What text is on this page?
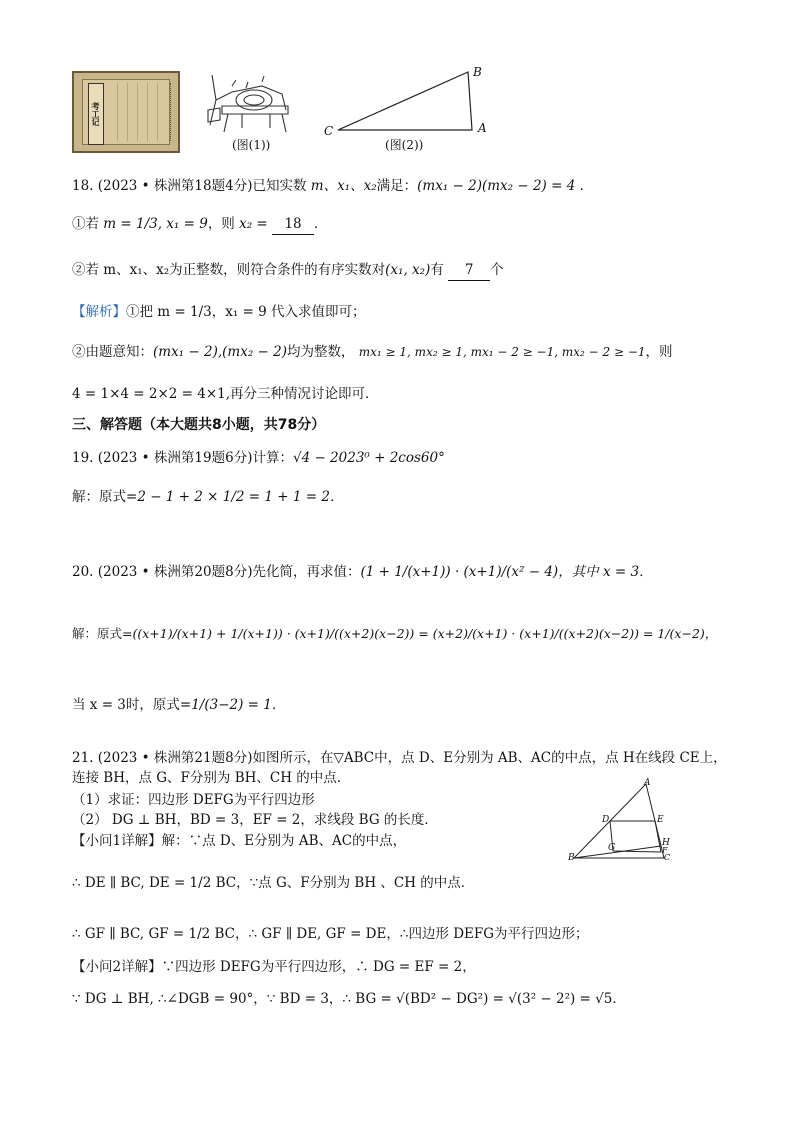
考工记
(图(1))
B
A
C
(图(2))
18. (2023 • 株洲第18题4分)已知实数 m、x₁、x₂满足：(mx₁ − 2)(mx₂ − 2) = 4 ．
①若 m = 1/3, x₁ = 9，则 x₂ = 18 ．
②若 m、x₁、x₂为正整数，则符合条件的有序实数对(x₁, x₂)有 7 个
【解析】①把 m = 1/3，x₁ = 9 代入求值即可；
②由题意知：(mx₁ − 2),(mx₂ − 2)均为整数， mx₁ ≥ 1, mx₂ ≥ 1, mx₁ − 2 ≥ −1, mx₂ − 2 ≥ −1，则
4 = 1×4 = 2×2 = 4×1,再分三种情况讨论即可．
三、解答题（本大题共8小题，共78分）
19. (2023 • 株洲第19题6分)计算：√4 − 2023⁰ + 2cos60°
解：原式=2 − 1 + 2 × 1/2 = 1 + 1 = 2．
20. (2023 • 株洲第20题8分)先化简，再求值：(1 + 1/(x+1)) · (x+1)/(x² − 4)，其中 x = 3．
解：原式=((x+1)/(x+1) + 1/(x+1)) · (x+1)/((x+2)(x−2)) = (x+2)/(x+1) · (x+1)/((x+2)(x−2)) = 1/(x−2)，
当 x = 3时，原式=1/(3−2) = 1．
21. (2023 • 株洲第21题8分)如图所示，在▽ABC中，点 D、E分别为 AB、AC的中点，点 H在线段 CE上，
连接 BH，点 G、F分别为 BH、CH 的中点．
（1）求证：四边形 DEFG为平行四边形
（2） DG ⊥ BH，BD = 3，EF = 2，求线段 BG 的长度．
【小问1详解】解：∵点 D、E分别为 AB、AC的中点，
∴ DE ∥ BC, DE = 1/2 BC，∵点 G、F分别为 BH 、CH 的中点．
∴ GF ∥ BC, GF = 1/2 BC，∴ GF ∥ DE, GF = DE，∴四边形 DEFG为平行四边形；
【小问2详解】∵四边形 DEFG为平行四边形，∴ DG = EF = 2，
∵ DG ⊥ BH, ∴∠DGB = 90°，∵ BD = 3，∴ BG = √(BD² − DG²) = √(3² − 2²) = √5．
A
D	E
H
F
G
B	C
